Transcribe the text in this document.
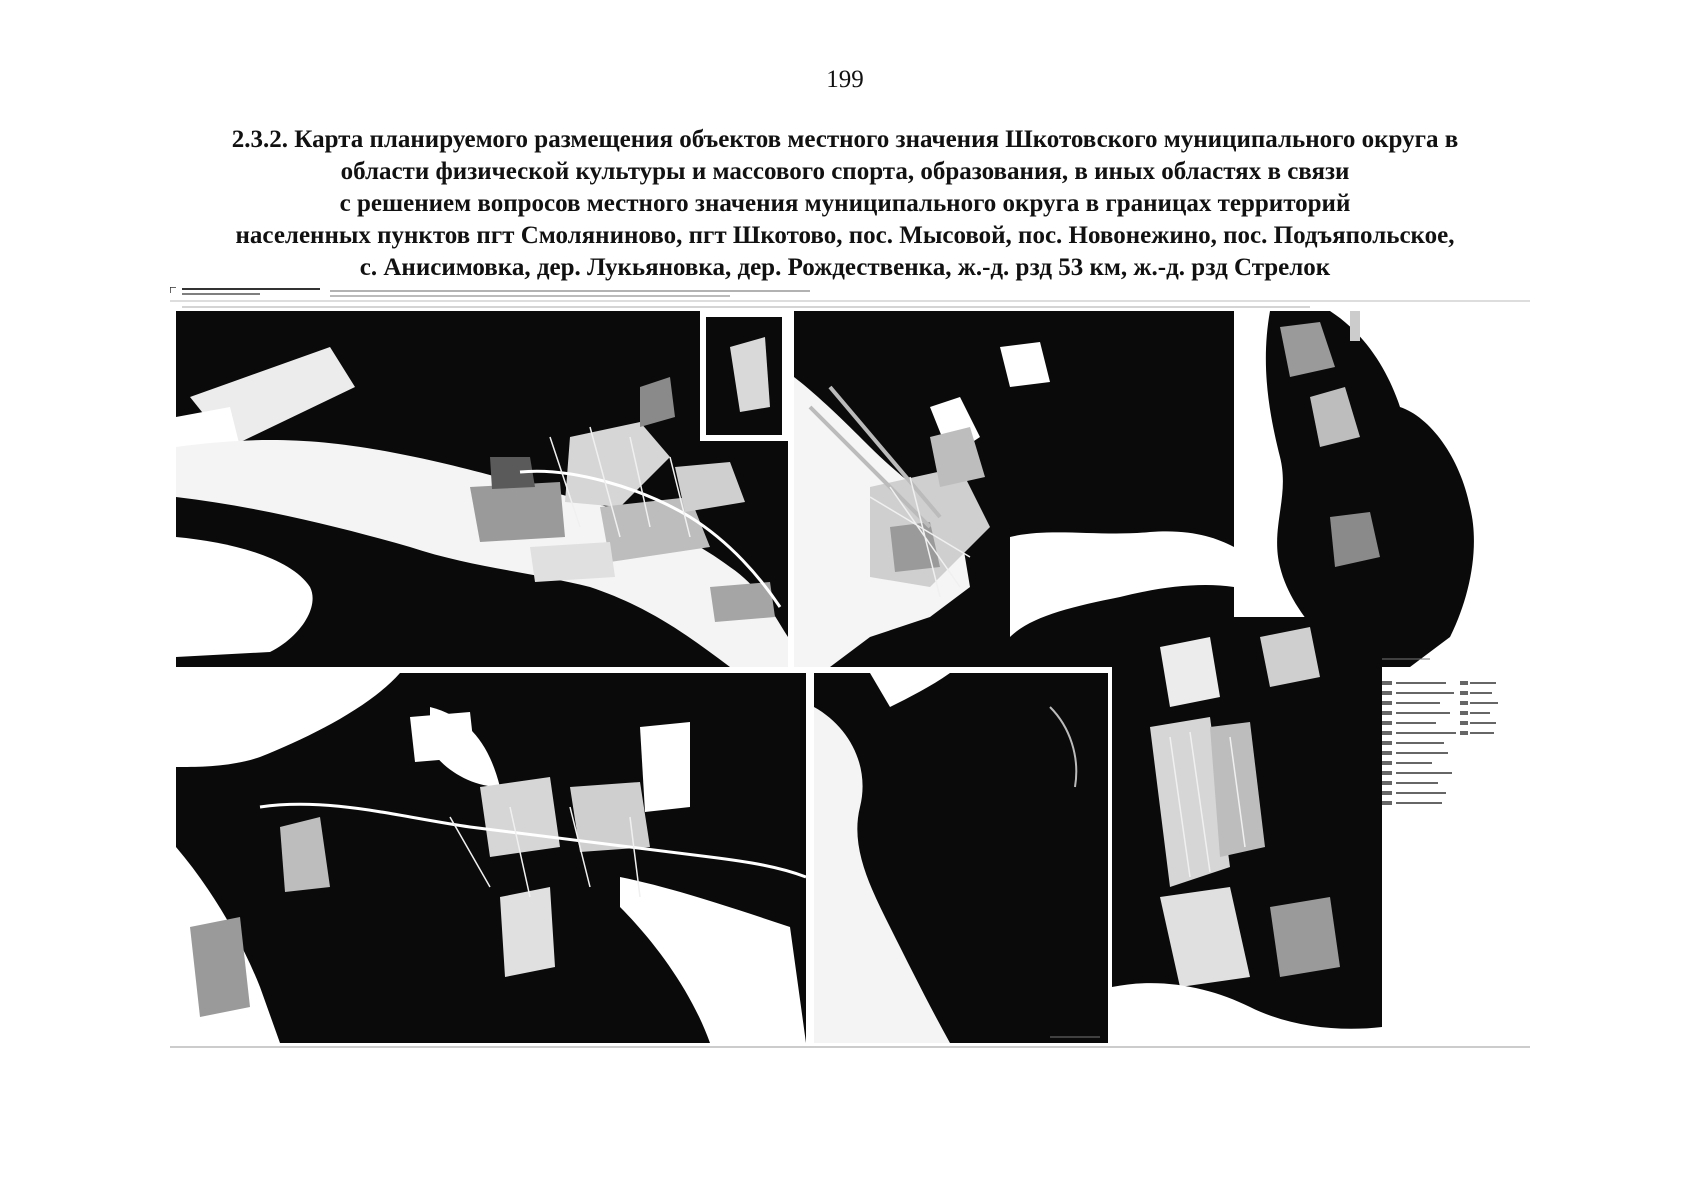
199
2.3.2. Карта планируемого размещения объектов местного значения Шкотовского муниципального округа в
области физической культуры и массового спорта, образования, в иных областях в связи
с решением вопросов местного значения муниципального округа в границах территорий
населенных пунктов пгт Смоляниново, пгт Шкотово, пос. Мысовой, пос. Новонежино, пос. Подъяпольское,
с. Анисимовка, дер. Лукьяновка, дер. Рождественка, ж.-д. рзд 53 км, ж.-д. рзд Стрелок
